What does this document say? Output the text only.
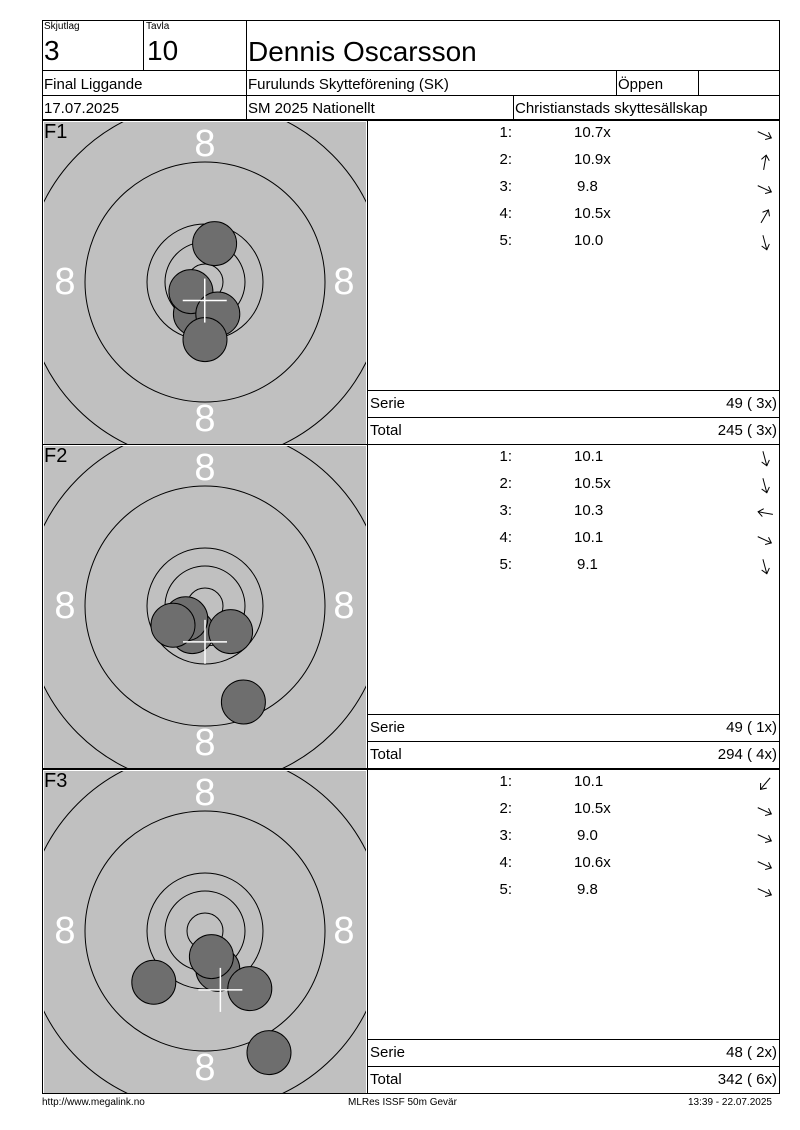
Skjutlag
3
Tavla
10 Dennis Oscarsson
Final Liggande	Furulunds Skytteförening (SK)	Öppen
17.07.2025	SM 2025 Nationellt	Christianstads skyttesällskap
8
8
8	8
F1	1:	10.7x
2:	10.9x
3:	9.8
4:	10.5x
5:	10.0
Serie	49 ( 3x)
Total	245 ( 3x)
8
8
8	8
F2	1:	10.1
2:	10.5x
3:	10.3
4:	10.1
5:	9.1
Serie	49 ( 1x)
Total	294 ( 4x)
8
8
8	8
F3	1:	10.1
2:	10.5x
3:	9.0
4:	10.6x
5:	9.8
Serie	48 ( 2x)
Total	342 ( 6x)
http://www.megalink.no	MLRes ISSF 50m Gevär	13:39 - 22.07.2025
